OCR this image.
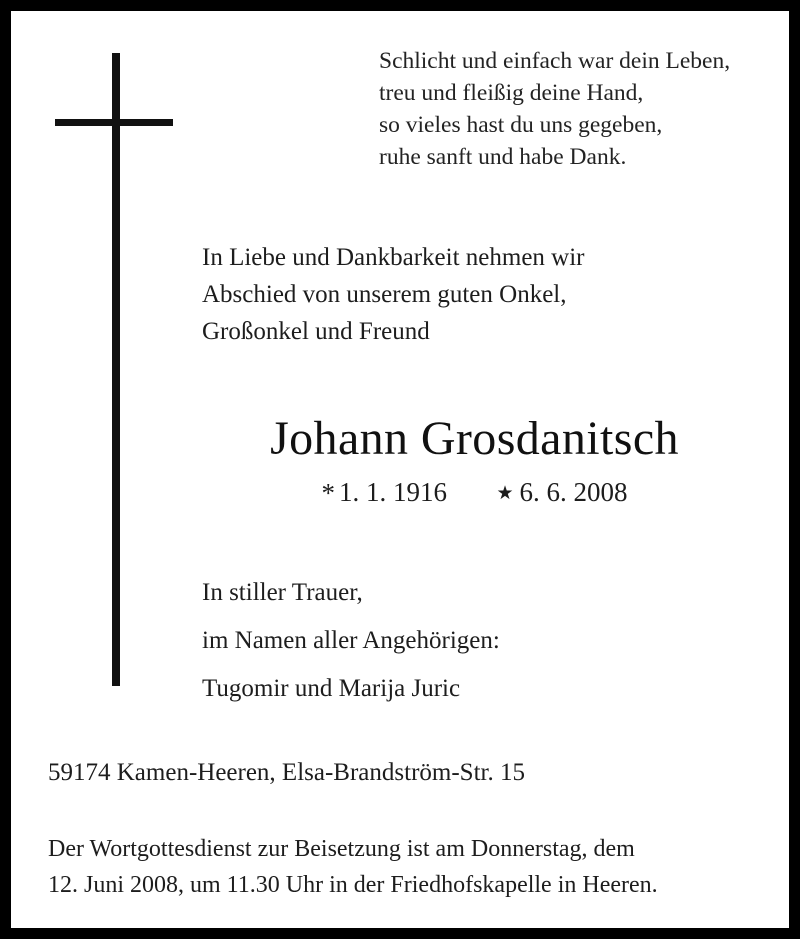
Schlicht und einfach war dein Leben,
treu und fleißig deine Hand,
so vieles hast du uns gegeben,
ruhe sanft und habe Dank.
In Liebe und Dankbarkeit nehmen wir
Abschied von unserem guten Onkel,
Großonkel und Freund
Johann Grosdanitsch
* 1. 1. 1916	★ 6. 6. 2008
In stiller Trauer,
im Namen aller Angehörigen:
Tugomir und Marija Juric
59174 Kamen-Heeren, Elsa-Brandström-Str. 15
Der Wortgottesdienst zur Beisetzung ist am Donnerstag, dem
12. Juni 2008, um 11.30 Uhr in der Friedhofskapelle in Heeren.
